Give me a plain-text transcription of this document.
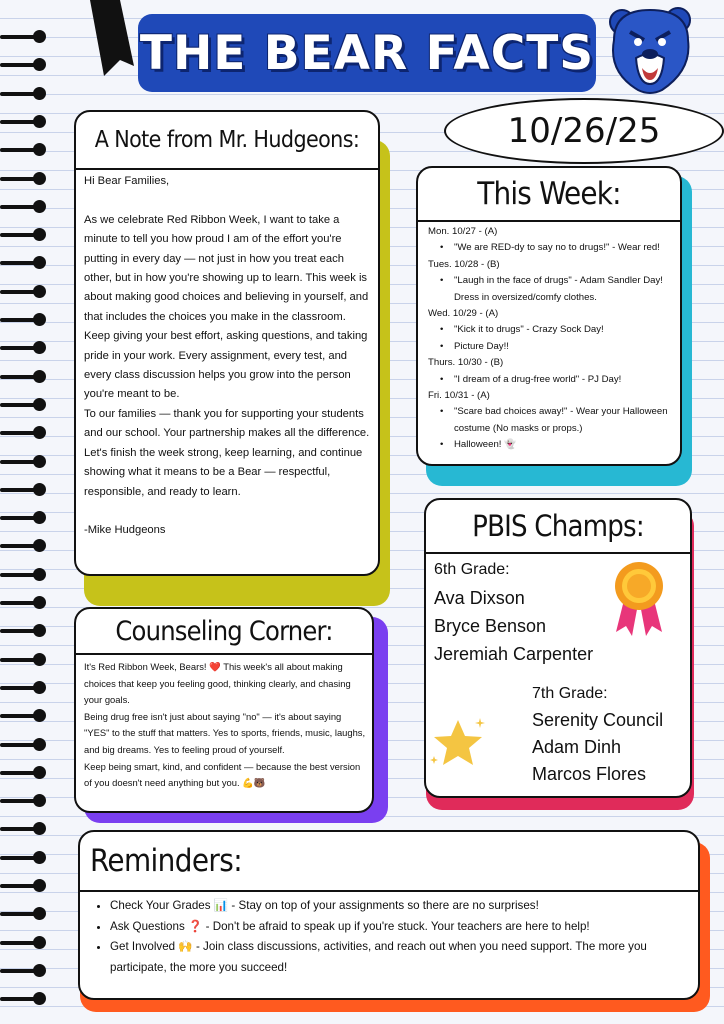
THE BEAR FACTS
10/26/25
A Note from Mr. Hudgeons:
Hi Bear Families,

As we celebrate Red Ribbon Week, I want to take a minute to tell you how proud I am of the effort you're putting in every day — not just in how you treat each other, but in how you're showing up to learn. This week is about making good choices and believing in yourself, and that includes the choices you make in the classroom. Keep giving your best effort, asking questions, and taking pride in your work. Every assignment, every test, and every class discussion helps you grow into the person you're meant to be.
To our families — thank you for supporting your students and our school. Your partnership makes all the difference.
Let's finish the week strong, keep learning, and continue showing what it means to be a Bear — respectful, responsible, and ready to learn.

-Mike Hudgeons
This Week:
Mon. 10/27 - (A)
• "We are RED-dy to say no to drugs!" - Wear red!
Tues. 10/28 - (B)
• "Laugh in the face of drugs" - Adam Sandler Day! Dress in oversized/comfy clothes.
Wed. 10/29 - (A)
• "Kick it to drugs" - Crazy Sock Day!
• Picture Day!!
Thurs. 10/30 - (B)
• "I dream of a drug-free world" - PJ Day!
Fri. 10/31 - (A)
• "Scare bad choices away!" - Wear your Halloween costume (No masks or props.)
• Halloween! 👻
PBIS Champs:
6th Grade:
Ava Dixson
Bryce Benson
Jeremiah Carpenter
7th Grade:
Serenity Council
Adam Dinh
Marcos Flores
Counseling Corner:
It's Red Ribbon Week, Bears! ❤️ This week's all about making choices that keep you feeling good, thinking clearly, and chasing your goals.
Being drug free isn't just about saying "no" — it's about saying "YES" to the stuff that matters. Yes to sports, friends, music, laughs, and big dreams. Yes to feeling proud of yourself.
Keep being smart, kind, and confident — because the best version of you doesn't need anything but you. 💪🐻
Reminders:
• Check Your Grades 📊 - Stay on top of your assignments so there are no surprises!
• Ask Questions ❓ - Don't be afraid to speak up if you're stuck. Your teachers are here to help!
• Get Involved 🙌 - Join class discussions, activities, and reach out when you need support. The more you participate, the more you succeed!
